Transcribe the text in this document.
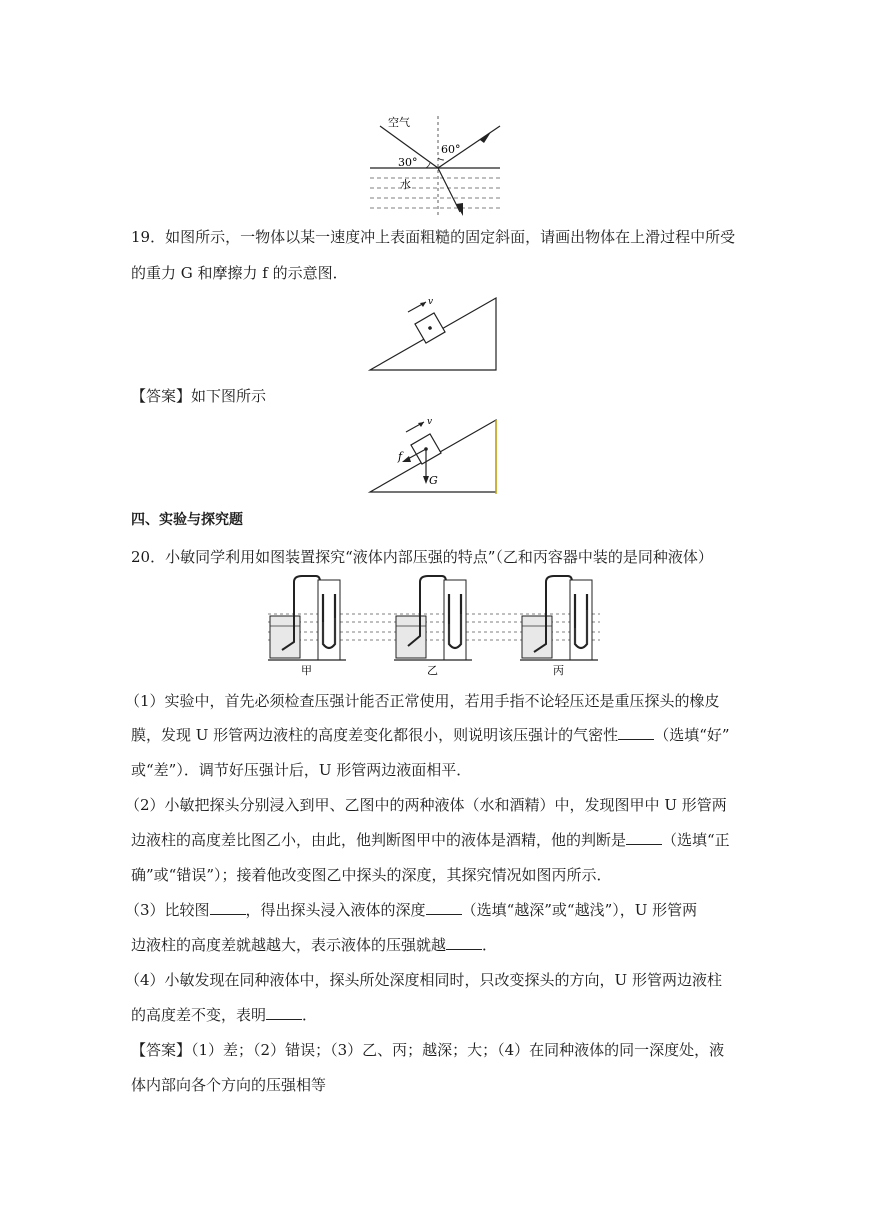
空气
30°
60°
水
19．如图所示，一物体以某一速度冲上表面粗糙的固定斜面，请画出物体在上滑过程中所受
的重力 G 和摩擦力 f 的示意图．
v
【答案】如下图所示
v
f
G
四、实验与探究题
20．小敏同学利用如图装置探究“液体内部压强的特点”（乙和丙容器中装的是同种液体）
甲	乙	丙
（1）实验中，首先必须检查压强计能否正常使用，若用手指不论轻压还是重压探头的橡皮
膜，发现 U 形管两边液柱的高度差变化都很小，则说明该压强计的气密性 （选填“好”
或“差”）．调节好压强计后，U 形管两边液面相平．
（2）小敏把探头分别浸入到甲、乙图中的两种液体（水和酒精）中，发现图甲中 U 形管两
边液柱的高度差比图乙小，由此，他判断图甲中的液体是酒精，他的判断是 （选填“正
确”或“错误”）；接着他改变图乙中探头的深度，其探究情况如图丙所示．
（3）比较图 ，得出探头浸入液体的深度 （选填“越深”或“越浅”），U 形管两
边液柱的高度差就越越大，表示液体的压强就越 ．
（4）小敏发现在同种液体中，探头所处深度相同时，只改变探头的方向，U 形管两边液柱
的高度差不变，表明 ．
【答案】（1）差；（2）错误；（3）乙、丙；越深；大；（4）在同种液体的同一深度处，液
体内部向各个方向的压强相等
